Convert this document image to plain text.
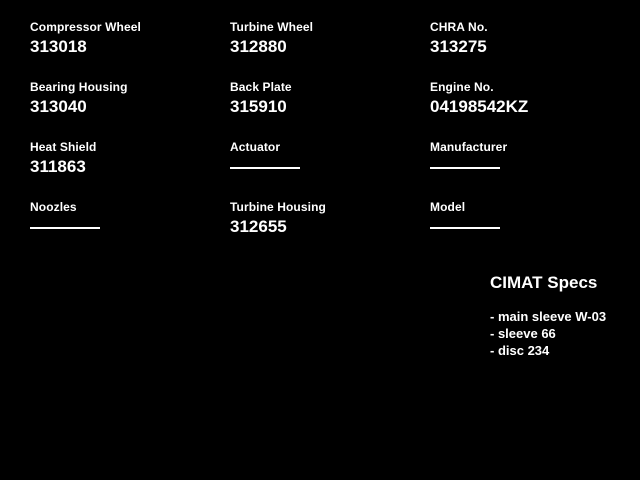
Compressor Wheel
313018
Turbine Wheel
312880
CHRA No.
313275
Bearing Housing
313040
Back Plate
315910
Engine No.
04198542KZ
Heat Shield
311863
Actuator	Manufacturer
Noozles	Turbine Housing
312655
Model
CIMAT Specs
- main sleeve W-03
- sleeve 66
- disc 234
